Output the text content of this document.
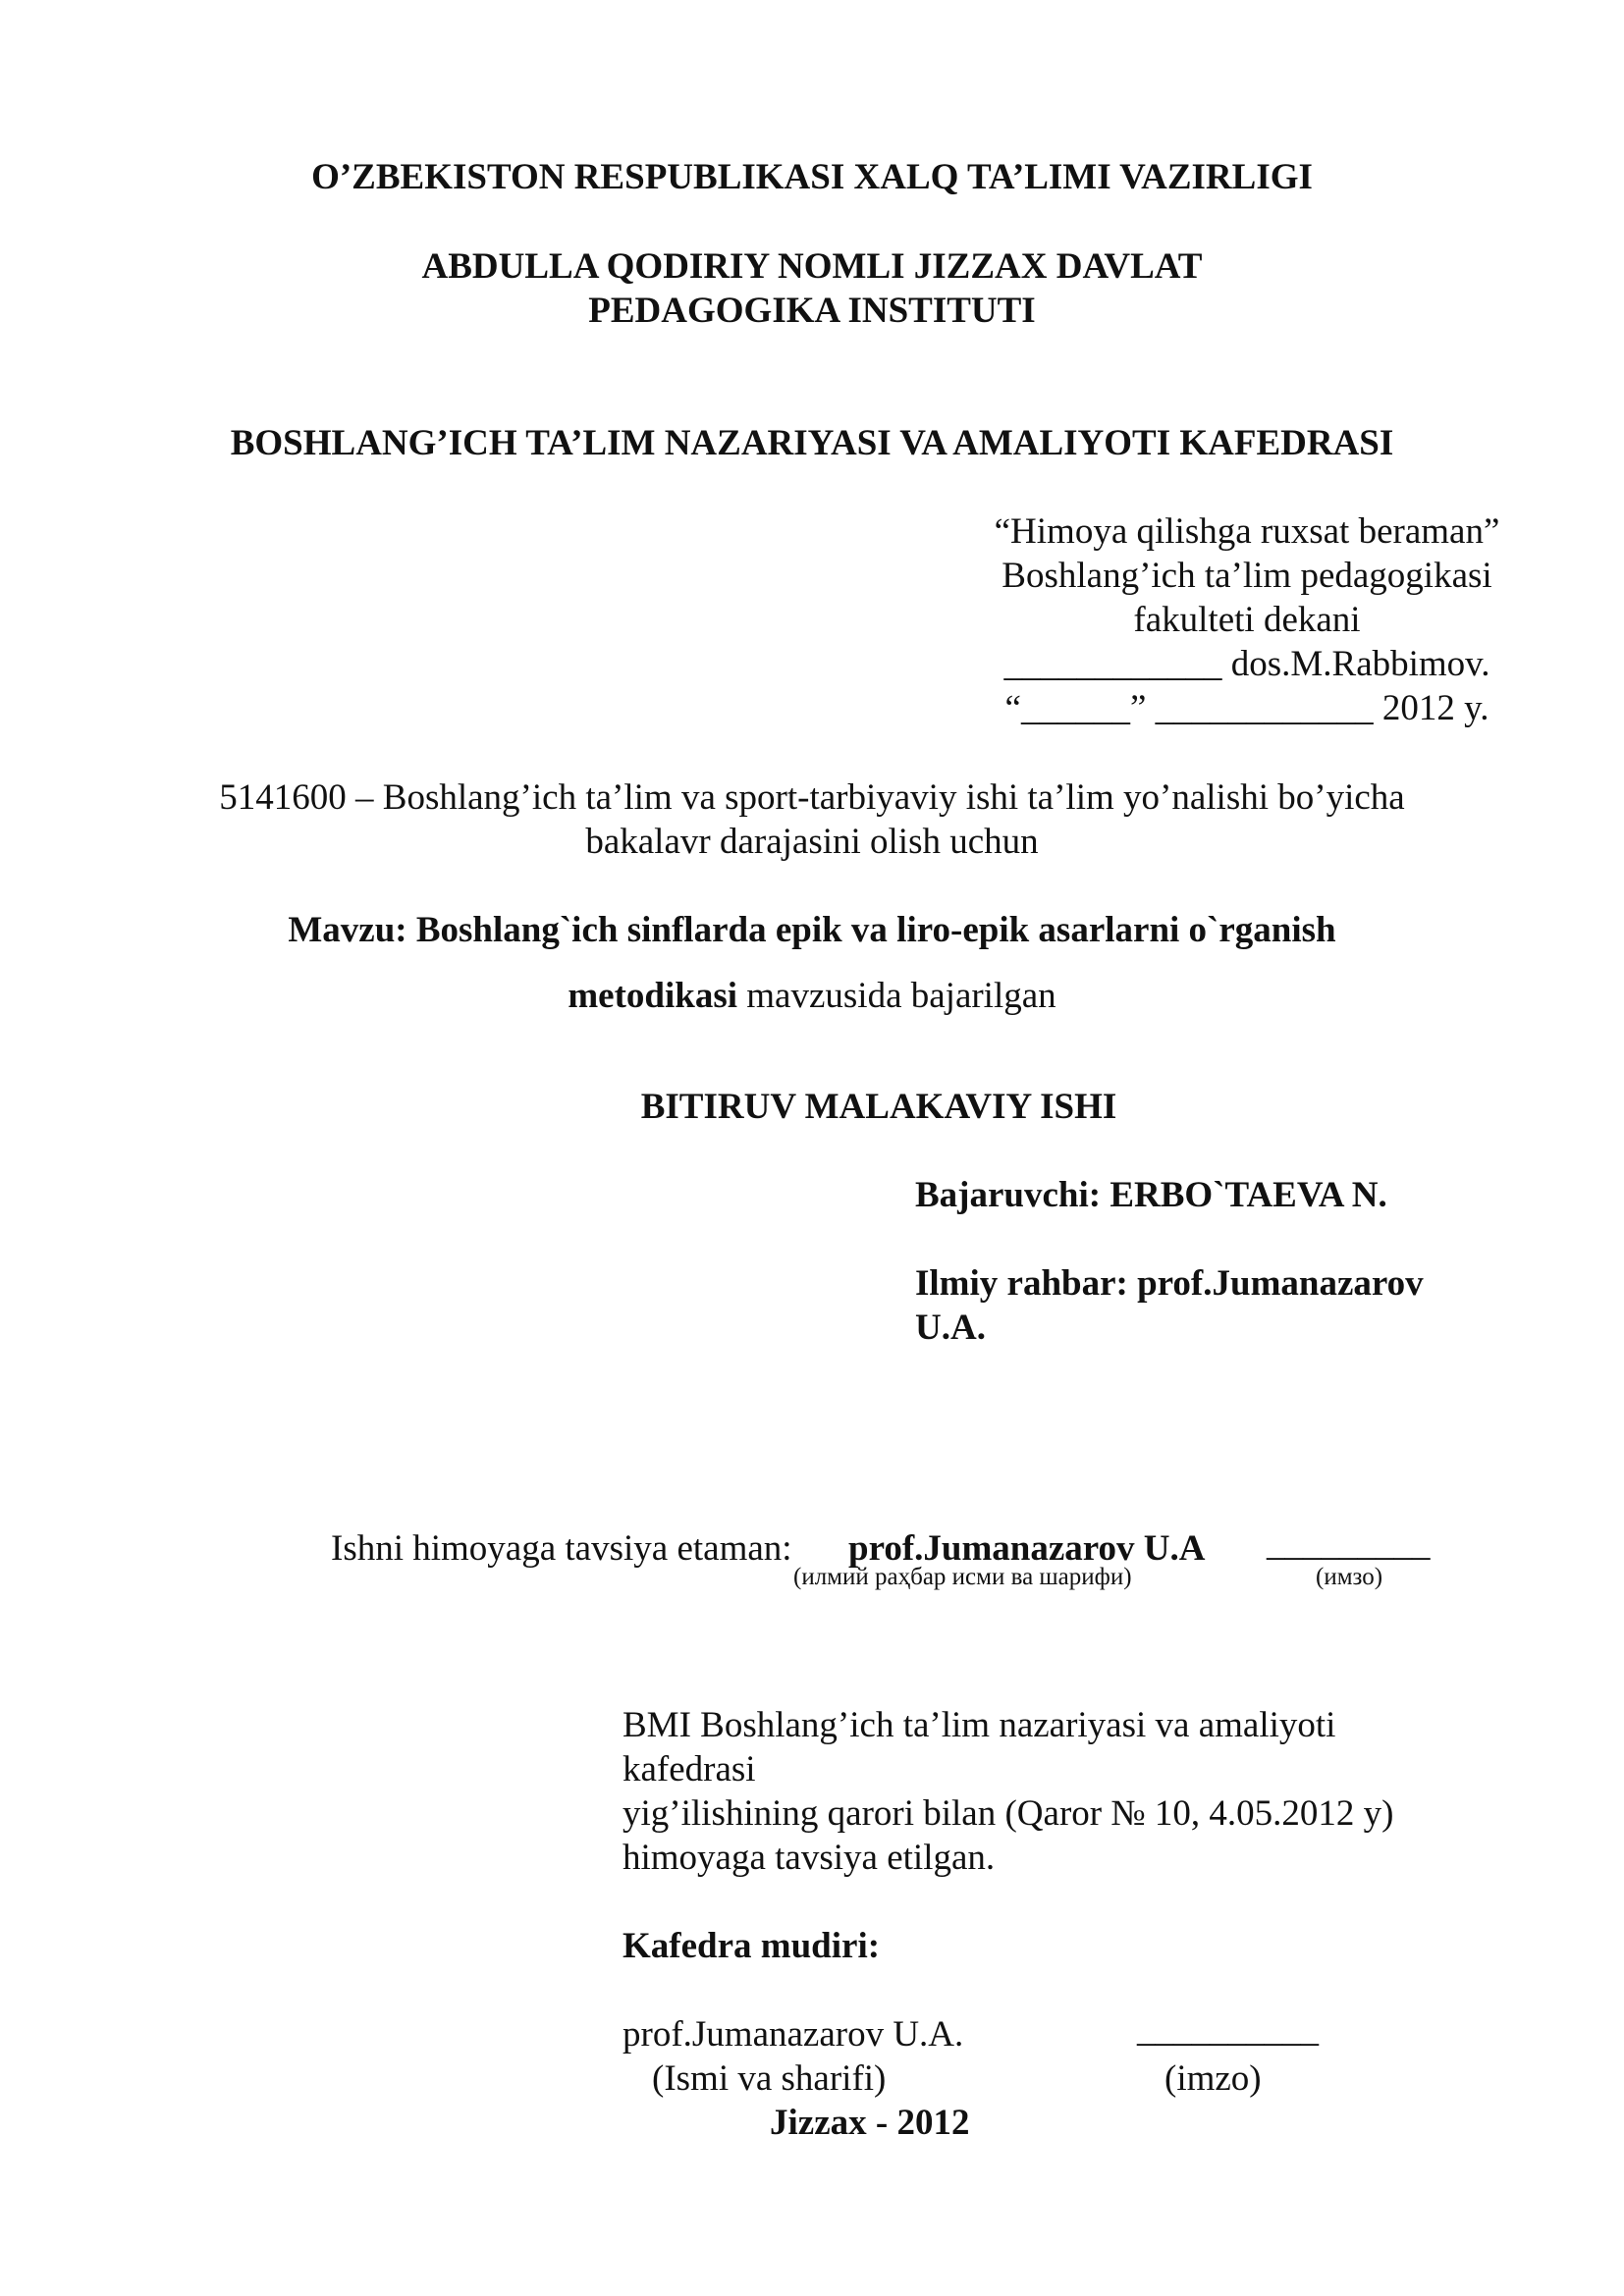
O’ZBEKISTON RESPUBLIKASI XALQ TA’LIMI VAZIRLIGI
ABDULLA QODIRIY NOMLI JIZZAX DAVLAT
PEDAGOGIKA INSTITUTI
BOSHLANG’ICH TA’LIM NAZARIYASI VA AMALIYOTI KAFEDRASI
“Himoya qilishga ruxsat beraman”
Boshlang’ich ta’lim pedagogikasi
fakulteti dekani
____________ dos.M.Rabbimov.
“______” ____________ 2012 y.
5141600 – Boshlang’ich ta’lim va sport-tarbiyaviy ishi ta’lim yo’nalishi bo’yicha
bakalavr darajasini olish uchun
Mavzu: Boshlang`ich sinflarda epik va liro-epik asarlarni o`rganish
metodikasi mavzusida bajarilgan
BITIRUV MALAKAVIY ISHI
Bajaruvchi: ERBO`TAEVA N.
Ilmiy rahbar: prof.Jumanazarov
U.A.
Ishni himoyaga tavsiya etaman: prof.Jumanazarov U.A _________
(илмий раҳбар исми ва шарифи)	(имзо)
BMI Boshlang’ich ta’lim nazariyasi va amaliyoti
kafedrasi
yig’ilishining qarori bilan (Qaror № 10, 4.05.2012 y)
himoyaga tavsiya etilgan.
Kafedra mudiri:
prof.Jumanazarov U.A.	__________
(Ismi va sharifi)	(imzo)
Jizzax - 2012
